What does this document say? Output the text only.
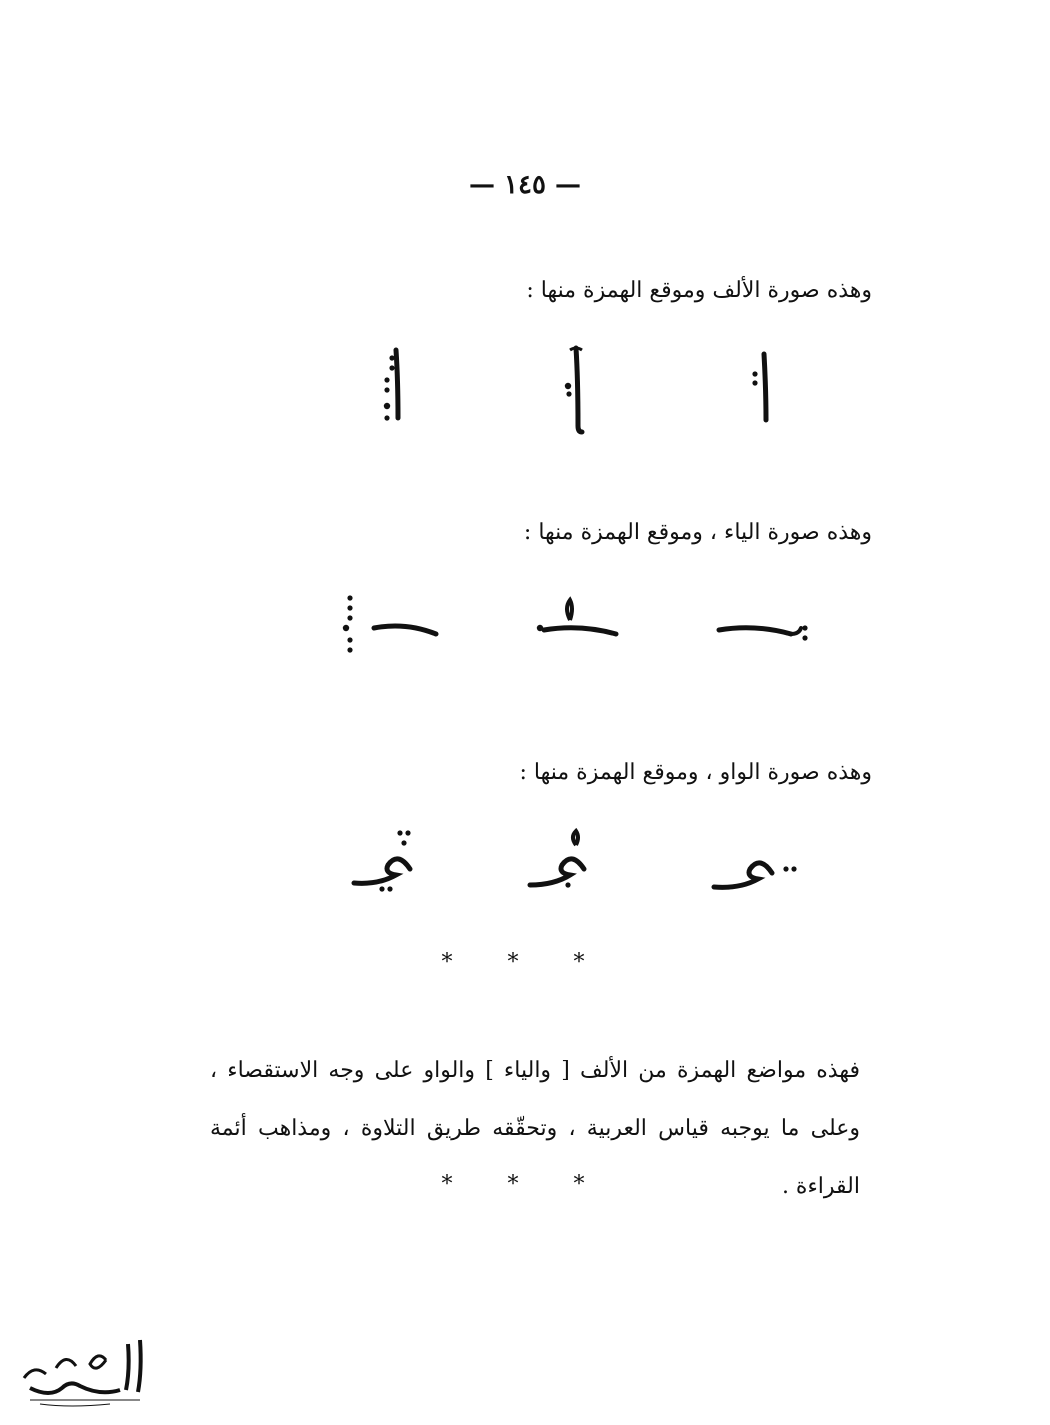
— ١٤٥ —
وهذه صورة الألف وموقع الهمزة منها :
وهذه صورة الياء ، وموقع الهمزة منها :
وهذه صورة الواو ، وموقع الهمزة منها :
* * *
فهذه مواضع الهمزة من الألف [ والياء ] والواو على وجه الاستقصاء ، وعلى ما يوجبه قياس العربية ، وتحقّقه طريق التلاوة ، ومذاهب أئمة القراءة .
* * *
